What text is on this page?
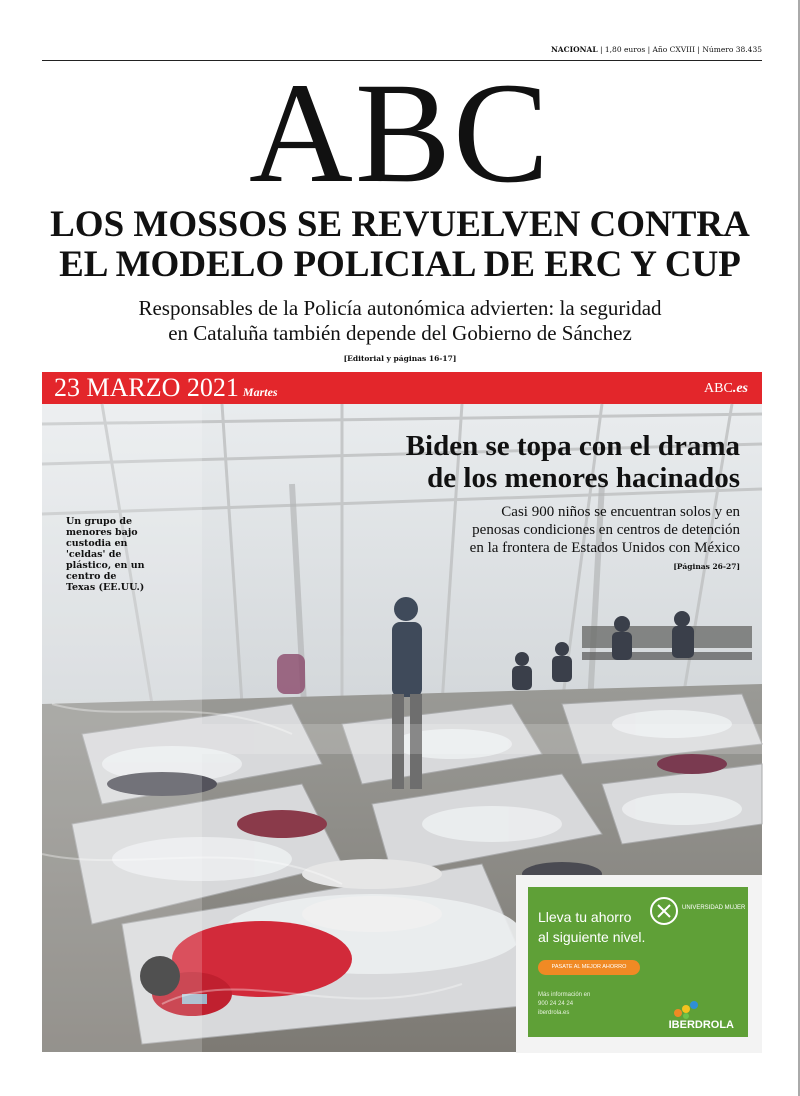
NACIONAL | 1,80 euros | Año CXVIII | Número 38.435
ABC
LOS MOSSOS SE REVUELVEN CONTRA
EL MODELO POLICIAL DE ERC Y CUP
Responsables de la Policía autonómica advierten: la seguridad
en Cataluña también depende del Gobierno de Sánchez
[Editorial y páginas 16-17]
23 MARZO 2021 Martes	ABC.es
Biden se topa con el drama
de los menores hacinados
Casi 900 niños se encuentran solos y en
penosas condiciones en centros de detención
en la frontera de Estados Unidos con México
[Páginas 26-27]
Un grupo de menores bajo custodia en 'celdas' de plástico, en un centro de Texas (EE.UU.)
Lleva tu ahorro
al siguiente nivel.
PASATE AL MEJOR AHORRO
UNIVERSIDAD MUJER
Más información en
900 24 24 24
iberdrola.es
IBERDROLA
